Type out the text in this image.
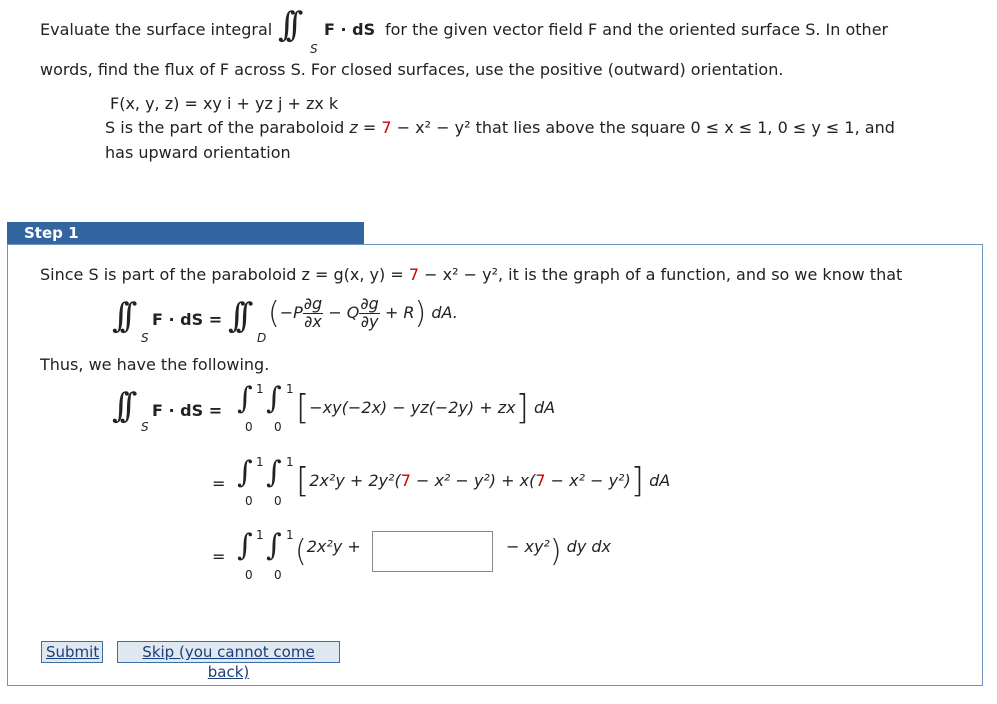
Evaluate the surface integral ∫∫
S
F · dS for the given vector field F and the oriented surface S. In other
words, find the flux of F across S. For closed surfaces, use the positive (outward) orientation.
F(x, y, z) = xy i + yz j + zx k
S is the part of the paraboloid z = 7 − x² − y² that lies above the square 0 ≤ x ≤ 1, 0 ≤ y ≤ 1, and
has upward orientation
Step 1
Since S is part of the paraboloid z = g(x, y) = 7 − x² − y², it is the graph of a function, and so we know that
∫∫
S
F · dS = ∫∫
D
$(-P \frac{\partial g}{\partial x} - Q \frac{\partial g}{\partial y} + R)$ dA.
Thus, we have the following.
∫∫
S
F · dS = ∫ 1
0
∫ 1
0 [−xy(−2x) − yz(−2y) + zx] dA
= ∫ 1
0
∫ 1
0 [2x²y + 2y²(7 − x² − y²) + x(7 − x² − y²)] dA
= ∫ 1
0
∫ 1
0
(2x²y +	− xy²) dy dx
Submit	Skip (you cannot come back)
